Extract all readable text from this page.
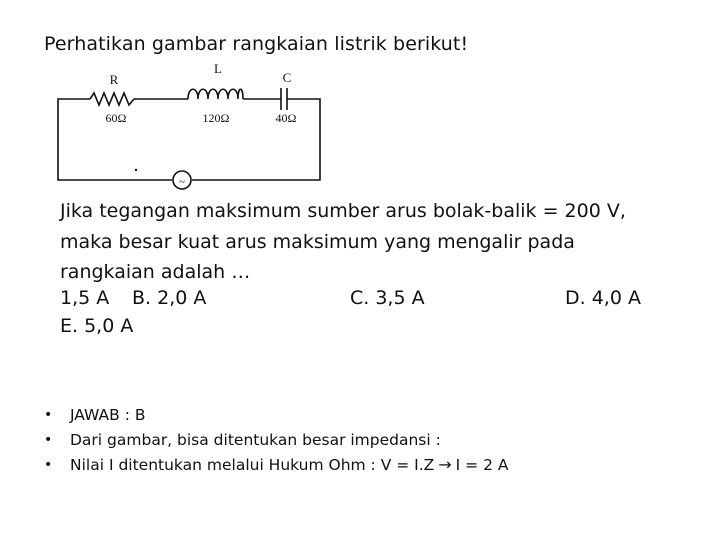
Perhatikan gambar rangkaian listrik berikut!
~
R
60Ω
L
120Ω
C
40Ω
Jika tegangan maksimum sumber arus bolak-balik = 200 V,
maka besar kuat arus maksimum yang mengalir pada
rangkaian adalah …
1,5 A B. 2,0 A	C. 3,5 A	D. 4,0 A
E. 5,0 A
•	JAWAB : B
•	Dari gambar, bisa ditentukan besar impedansi :
•	Nilai I ditentukan melalui Hukum Ohm : V = I.Z → I = 2 A
